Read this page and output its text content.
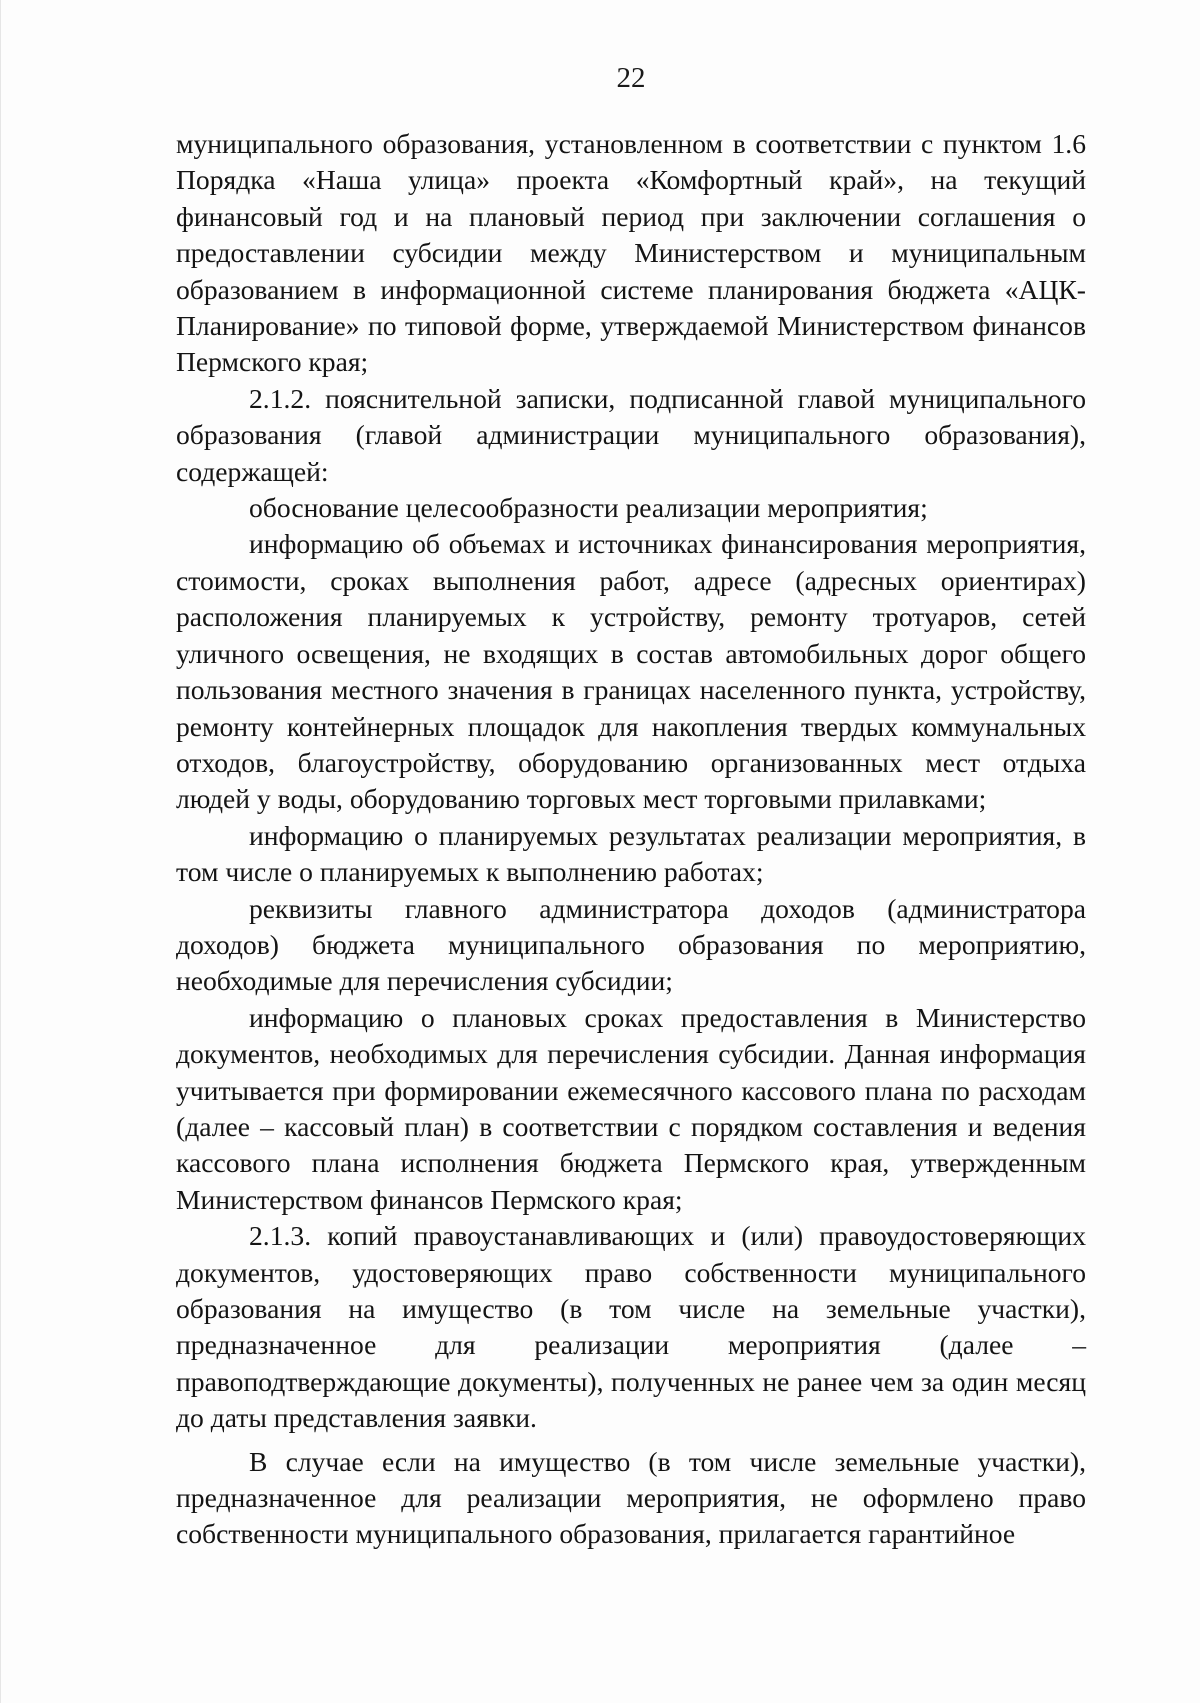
22

муниципального образования, установленном в соответствии с пунктом 1.6 Порядка «Наша улица» проекта «Комфортный край», на текущий финансовый год и на плановый период при заключении соглашения о предоставлении субсидии между Министерством и муниципальным образованием в информационной системе планирования бюджета «АЦК-Планирование» по типовой форме, утверждаемой Министерством финансов Пермского края;

2.1.2. пояснительной записки, подписанной главой муниципального образования (главой администрации муниципального образования), содержащей:

обоснование целесообразности реализации мероприятия;

информацию об объемах и источниках финансирования мероприятия, стоимости, сроках выполнения работ, адресе (адресных ориентирах) расположения планируемых к устройству, ремонту тротуаров, сетей уличного освещения, не входящих в состав автомобильных дорог общего пользования местного значения в границах населенного пункта, устройству, ремонту контейнерных площадок для накопления твердых коммунальных отходов, благоустройству, оборудованию организованных мест отдыха людей у воды, оборудованию торговых мест торговыми прилавками;

информацию о планируемых результатах реализации мероприятия, в том числе о планируемых к выполнению работах;

реквизиты главного администратора доходов (администратора доходов) бюджета муниципального образования по мероприятию, необходимые для перечисления субсидии;

информацию о плановых сроках предоставления в Министерство документов, необходимых для перечисления субсидии. Данная информация учитывается при формировании ежемесячного кассового плана по расходам (далее – кассовый план) в соответствии с порядком составления и ведения кассового плана исполнения бюджета Пермского края, утвержденным Министерством финансов Пермского края;

2.1.3. копий правоустанавливающих и (или) правоудостоверяющих документов, удостоверяющих право собственности муниципального образования на имущество (в том числе на земельные участки), предназначенное для реализации мероприятия (далее – правоподтверждающие документы), полученных не ранее чем за один месяц до даты представления заявки.

В случае если на имущество (в том числе земельные участки), предназначенное для реализации мероприятия, не оформлено право собственности муниципального образования, прилагается гарантийное
